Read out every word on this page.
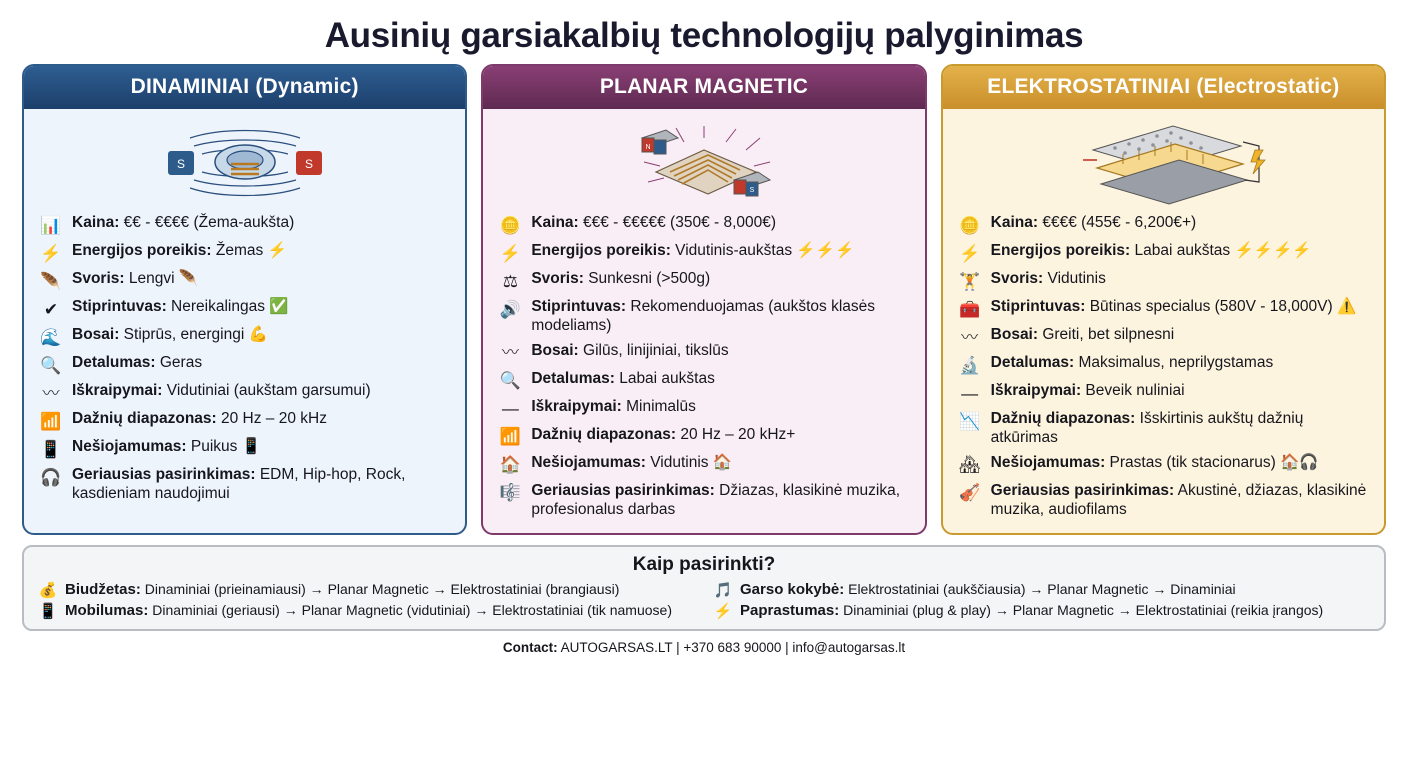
Ausinių garsiakalbių technologijų palyginimas
DINAMINIAI (Dynamic)
S	S
📊 Kaina: €€ - €€€€ (Žema-aukšta)
⚡ Energijos poreikis: Žemas ⚡
🪶 Svoris: Lengvi 🪶
✔ Stiprintuvas: Nereikalingas ✅
🌊 Bosai: Stiprūs, energingi 💪
🔍 Detalumas: Geras
〰 Iškraipymai: Vidutiniai (aukštam garsumui)
📶 Dažnių diapazonas: 20 Hz – 20 kHz
📱 Nešiojamumas: Puikus 📱
🎧 Geriausias pasirinkimas: EDM, Hip-hop, Rock, kasdieniam naudojimui
PLANAR MAGNETIC
N
S
🪙 Kaina: €€€ - €€€€€ (350€ - 8,000€)
⚡ Energijos poreikis: Vidutinis-aukštas ⚡⚡⚡
⚖ Svoris: Sunkesni (>500g)
🔊 Stiprintuvas: Rekomenduojamas (aukštos klasės modeliams)
〰 Bosai: Gilūs, linijiniai, tikslūs
🔍 Detalumas: Labai aukštas
— Iškraipymai: Minimalūs
📶 Dažnių diapazonas: 20 Hz – 20 kHz+
🏠 Nešiojamumas: Vidutinis 🏠
🎼 Geriausias pasirinkimas: Džiazas, klasikinė muzika, profesionalus darbas
ELEKTROSTATINIAI (Electrostatic)
🪙 Kaina: €€€€ (455€ - 6,200€+)
⚡ Energijos poreikis: Labai aukštas ⚡⚡⚡⚡
🏋 Svoris: Vidutinis
🧰 Stiprintuvas: Būtinas specialus (580V - 18,000V) ⚠️
〰 Bosai: Greiti, bet silpnesni
🔬 Detalumas: Maksimalus, neprilygstamas
— Iškraipymai: Beveik nuliniai
📉 Dažnių diapazonas: Išskirtinis aukštų dažnių atkūrimas
🏘 Nešiojamumas: Prastas (tik stacionarus) 🏠🎧
🎻 Geriausias pasirinkimas: Akustinė, džiazas, klasikinė muzika, audiofilams
Kaip pasirinkti?
💰 Biudžetas: Dinaminiai (prieinamiausi) → Planar Magnetic → Elektrostatiniai (brangiausi)	🎵 Garso kokybė: Elektrostatiniai (aukščiausia) → Planar Magnetic → Dinaminiai
📱 Mobilumas: Dinaminiai (geriausi) → Planar Magnetic (vidutiniai) → Elektrostatiniai (tik namuose)	⚡ Paprastumas: Dinaminiai (plug & play) → Planar Magnetic → Elektrostatiniai (reikia įrangos)
Contact: AUTOGARSAS.LT | +370 683 90000 | info@autogarsas.lt
